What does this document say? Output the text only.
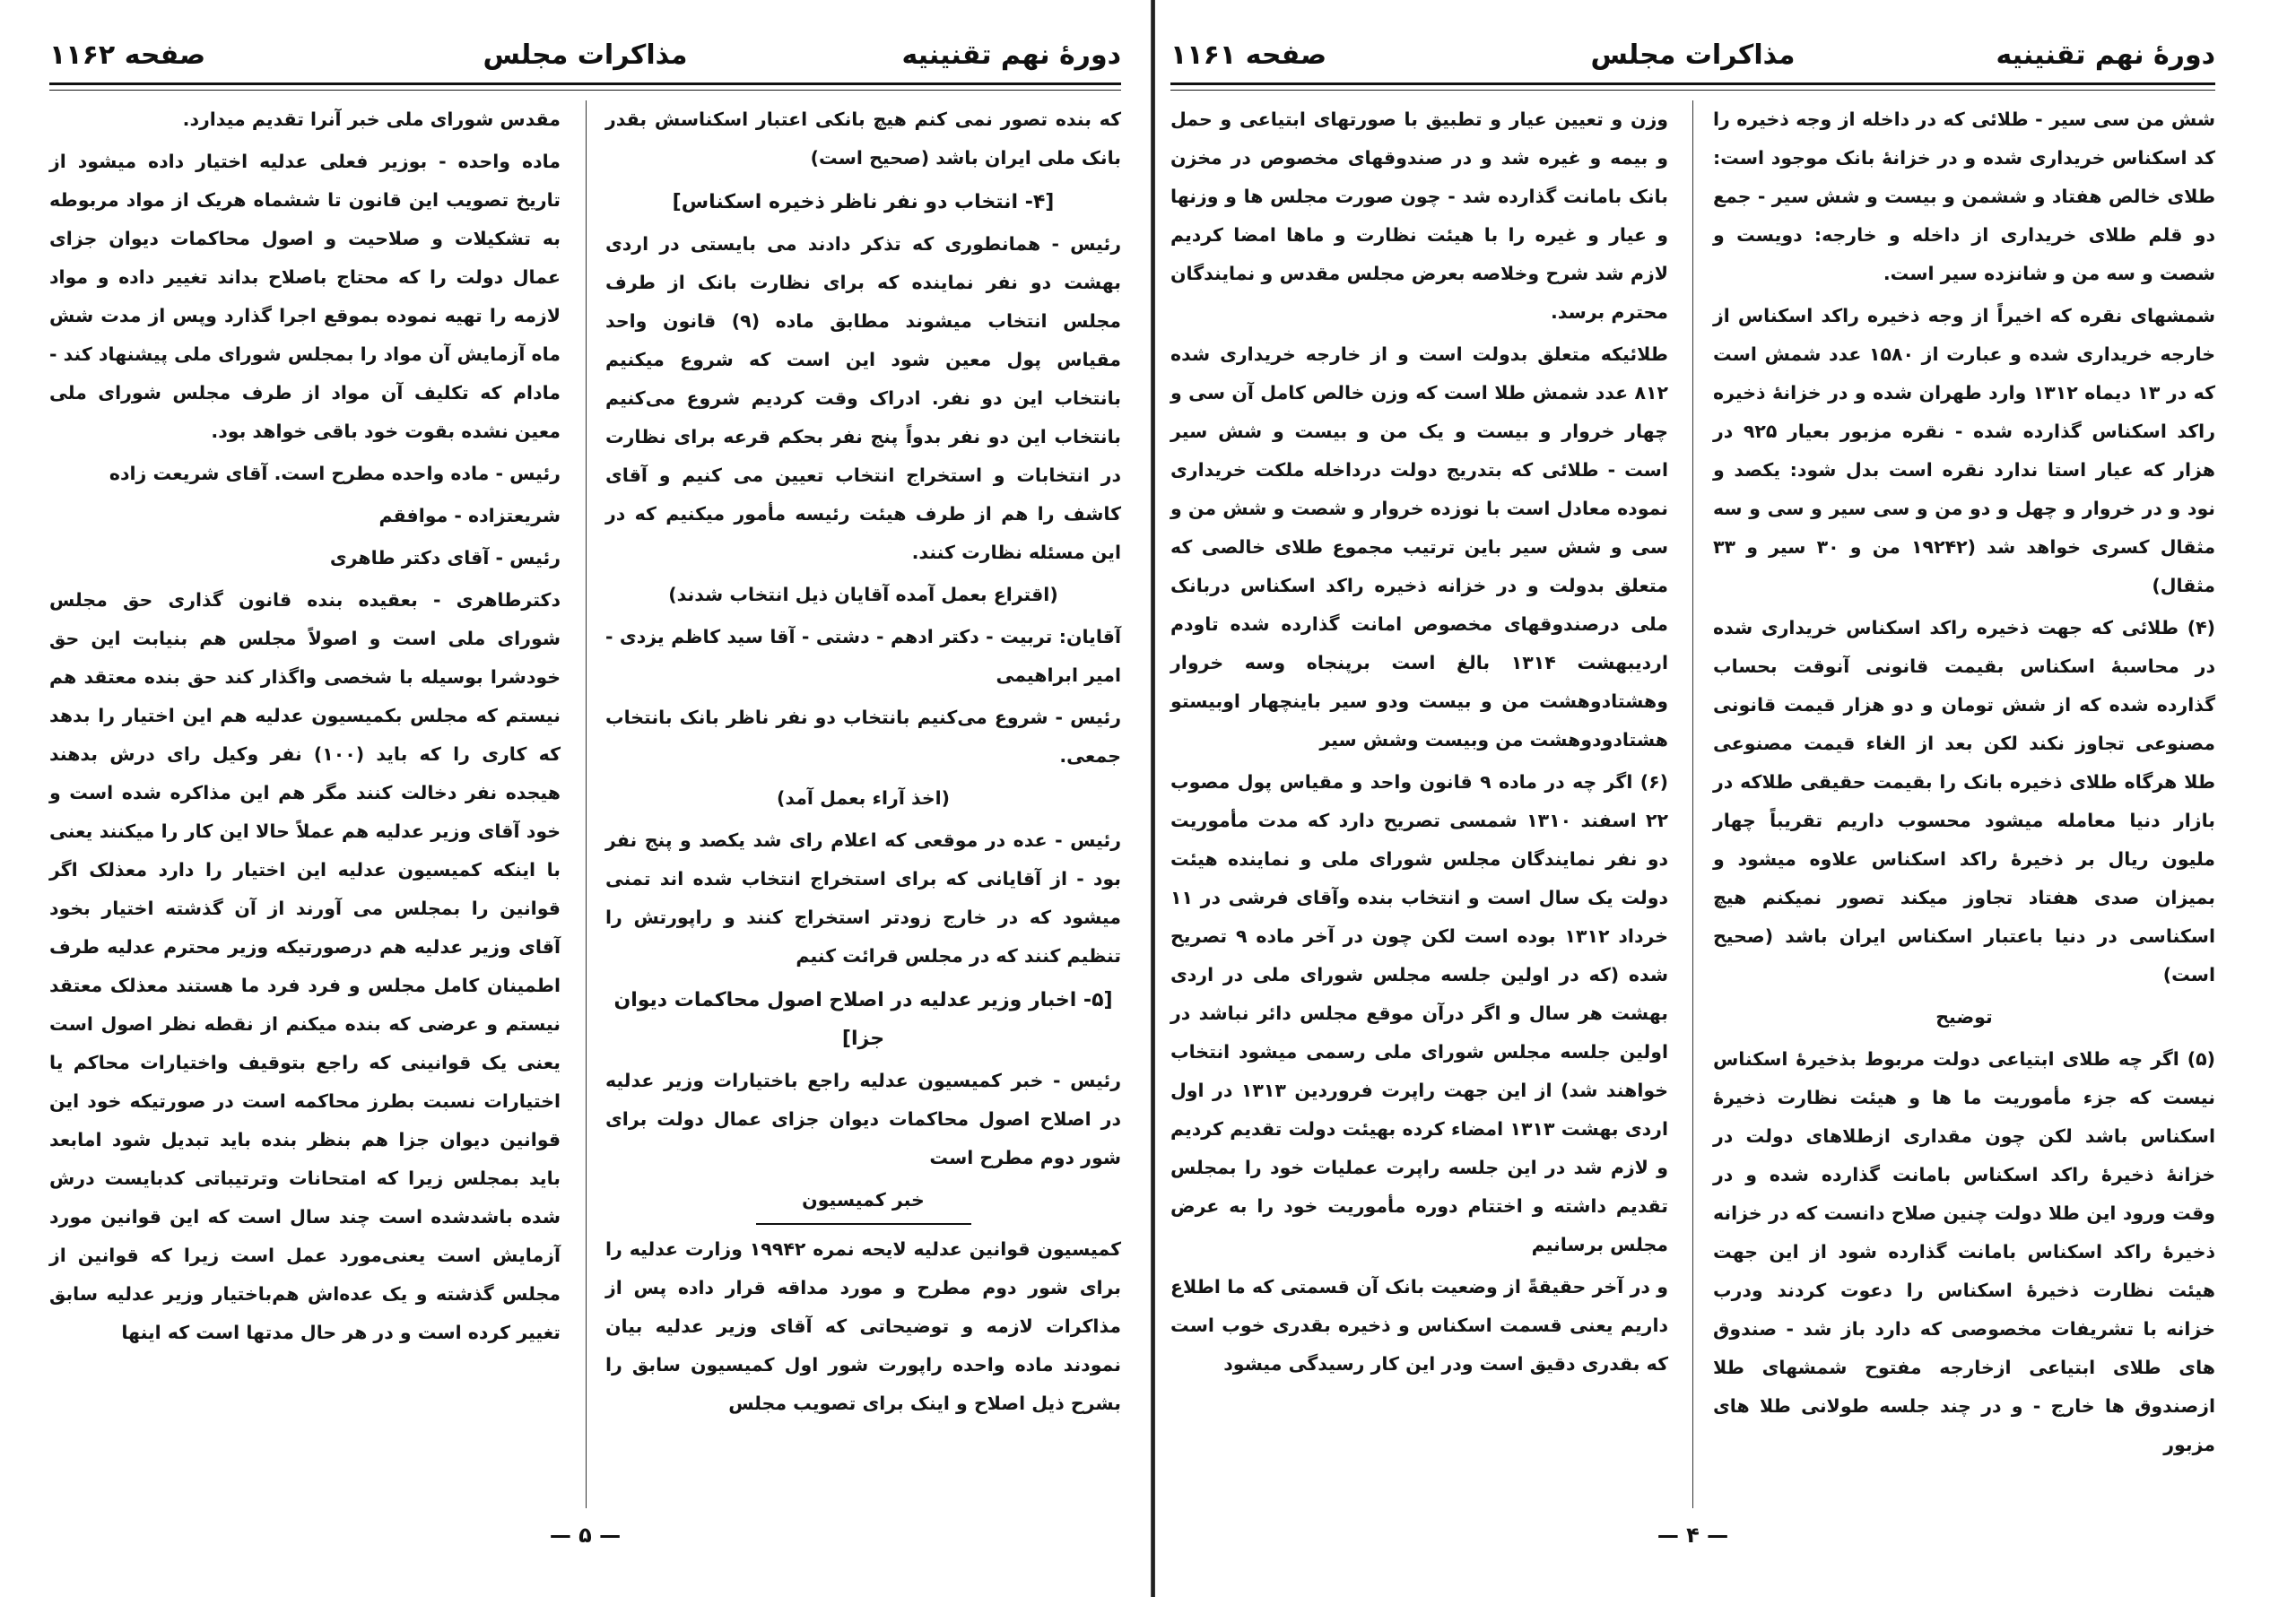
دورهٔ نهم تقنینیه
مذاکرات مجلس
صفحه ۱۱۶۲

که بنده تصور نمی کنم هیچ بانکی اعتبار اسکناسش بقدر بانک ملی ایران باشد (صحیح است)

[۴- انتخاب دو نفر ناظر ذخیره اسکناس]

رئیس - همانطوری که تذکر دادند می بایستی در اردی بهشت دو نفر نماینده که برای نظارت بانک از طرف مجلس انتخاب میشوند مطابق ماده (۹) قانون واحد مقیاس پول معین شود این است که شروع میکنیم بانتخاب این دو نفر. ادراک وقت کردیم شروع می‌کنیم بانتخاب این دو نفر بدواً پنج نفر بحکم قرعه برای نظارت در انتخابات و استخراج انتخاب تعیین می کنیم و آقای کاشف را هم از طرف هیئت رئیسه مأمور میکنیم که در این مسئله نظارت کنند.

(اقتراع بعمل آمده آقایان ذیل انتخاب شدند)

آقایان: تربیت - دکتر ادهم - دشتی - آقا سید کاظم یزدی - امیر ابراهیمی

رئیس - شروع می‌کنیم بانتخاب دو نفر ناظر بانک بانتخاب جمعی.

(اخذ آراء بعمل آمد)

رئیس - عده در موقعی که اعلام رای شد یکصد و پنج نفر بود - از آقایانی که برای استخراج انتخاب شده اند تمنی میشود که در خارج زودتر استخراج کنند و راپورتش را تنظیم کنند که در مجلس قرائت کنیم

[۵- اخبار وزیر عدلیه در اصلاح اصول محاکمات دیوان جزا]

رئیس - خبر کمیسیون عدلیه راجع باختیارات وزیر عدلیه در اصلاح اصول محاکمات دیوان جزای عمال دولت برای شور دوم مطرح است

خبر کمیسیون

کمیسیون قوانین عدلیه لایحه نمره ۱۹۹۴۲ وزارت عدلیه را برای شور دوم مطرح و مورد مداقه قرار داده پس از مذاکرات لازمه و توضیحاتی که آقای وزیر عدلیه بیان نمودند ماده واحده راپورت شور اول کمیسیون سابق را بشرح ذیل اصلاح و اینک برای تصویب مجلس

مقدس شورای ملی خبر آنرا تقدیم میدارد.

ماده واحده - بوزیر فعلی عدلیه اختیار داده میشود از تاریخ تصویب این قانون تا ششماه هریک از مواد مربوطه به تشکیلات و صلاحیت و اصول محاکمات دیوان جزای عمال دولت را که محتاج باصلاح بداند تغییر داده و مواد لازمه را تهیه نموده بموقع اجرا گذارد وپس از مدت شش ماه آزمایش آن مواد را بمجلس شورای ملی پیشنهاد کند - مادام که تکلیف آن مواد از طرف مجلس شورای ملی معین نشده بقوت خود باقی خواهد بود.

رئیس - ماده واحده مطرح است. آقای شریعت زاده

شریعتزاده - موافقم

رئیس - آقای دکتر طاهری

دکترطاهری - بعقیده بنده قانون گذاری حق مجلس شورای ملی است و اصولاً مجلس هم بنیابت این حق خودشرا بوسیله با شخصی واگذار کند حق بنده معتقد هم نیستم که مجلس بکمیسیون عدلیه هم این اختیار را بدهد که کاری را که باید (۱۰۰) نفر وکیل رای درش بدهند هیجده نفر دخالت کنند مگر هم این مذاکره شده است و خود آقای وزیر عدلیه هم عملاً حالا این کار را میکنند یعنی با اینکه کمیسیون عدلیه این اختیار را دارد معذلک اگر قوانین را بمجلس می آورند از آن گذشته اختیار بخود آقای وزیر عدلیه هم درصورتیکه وزیر محترم عدلیه طرف اطمینان کامل مجلس و فرد فرد ما هستند معذلک معتقد نیستم و عرضی که بنده میکنم از نقطه نظر اصول است یعنی یک قوانینی که راجع بتوقیف واختیارات محاکم یا اختیارات نسبت بطرز محاکمه است در صورتیکه خود این قوانین دیوان جزا هم بنظر بنده باید تبدیل شود امابعد باید بمجلس زیرا که امتحانات وترتیباتی کدبایست درش شده باشدشده است چند سال است که این قوانین مورد آزمایش است یعنی‌مورد عمل است زیرا که قوانین از مجلس گذشته و یک عده‌اش هم‌باختیار وزیر عدلیه سابق تغییر کرده است و در هر حال مدتها است که اینها

— ۵ —
دورهٔ نهم تقنینیه
مذاکرات مجلس
صفحه ۱۱۶۱

شش من سی سیر - طلائی که در داخله از وجه ذخیره را کد اسکناس خریداری شده و در خزانهٔ بانک موجود است: طلای خالص هفتاد و ششمن و بیست و شش سیر - جمع دو قلم طلای خریداری از داخله و خارجه: دویست و شصت و سه من و شانزده سیر است.

شمشهای نقره که اخیراً از وجه ذخیره راکد اسکناس از خارجه خریداری شده و عبارت از ۱۵۸۰ عدد شمش است که در ۱۳ دیماه ۱۳۱۲ وارد طهران شده و در خزانهٔ ذخیره راکد اسکناس گذارده شده - نقره مزبور بعیار ۹۲۵ در هزار که عیار استا ندارد نقره است بدل شود: یکصد و نود و در خروار و چهل و دو من و سی سیر و سی و سه مثقال کسری خواهد شد (۱۹۲۴۲ من و ۳۰ سیر و ۳۳ مثقال)

(۴) طلائی که جهت ذخیره راکد اسکناس خریداری شده در محاسبهٔ اسکناس بقیمت قانونی آنوقت بحساب گذارده شده که از شش تومان و دو هزار قیمت قانونی مصنوعی تجاوز نکند لکن بعد از الغاء قیمت مصنوعی طلا هرگاه طلای ذخیره بانک را بقیمت حقیقی طلاکه در بازار دنیا معامله میشود محسوب داریم تقریباً چهار ملیون ریال بر ذخیرهٔ راکد اسکناس علاوه میشود و بمیزان صدی هفتاد تجاوز میکند تصور نمیکنم هیچ اسکناسی در دنیا باعتبار اسکناس ایران باشد (صحیح است)

توضیح

(۵) اگر چه طلای ابتیاعی دولت مربوط بذخیرهٔ اسکناس نیست که جزء مأموریت ما ها و هیئت نظارت ذخیرهٔ اسکناس باشد لکن چون مقداری ازطلاهای دولت در خزانهٔ ذخیرهٔ راکد اسکناس بامانت گذارده شده و در وقت ورود این طلا دولت چنین صلاح دانست که در خزانه ذخیرهٔ راکد اسکناس بامانت گذارده شود از این جهت هیئت نظارت ذخیرهٔ اسکناس را دعوت کردند ودرب خزانه با تشریفات مخصوصی که دارد باز شد - صندوق های طلای ابتیاعی ازخارجه مفتوح شمشهای طلا ازصندوق ها خارج - و در چند جلسه طولانی طلا های مزبور

وزن و تعیین عیار و تطبیق با صورتهای ابتیاعی و حمل و بیمه و غیره شد و در صندوقهای مخصوص در مخزن بانک بامانت گذارده شد - چون صورت مجلس ها و وزنها و عیار و غیره را با هیئت نظارت و ماها امضا کردیم لازم شد شرح وخلاصه بعرض مجلس مقدس و نمایندگان محترم برسد.

طلائیکه متعلق بدولت است و از خارجه خریداری شده ۸۱۲ عدد شمش طلا است که وزن خالص کامل آن سی و چهار خروار و بیست و یک من و بیست و شش سیر است - طلائی که بتدریج دولت درداخله ملکت خریداری نموده معادل است با نوزده خروار و شصت و شش من و سی و شش سیر باین ترتیب مجموع طلای خالصی که متعلق بدولت و در خزانه ذخیره راکد اسکناس دربانک ملی درصندوقهای مخصوص امانت گذارده شده تاودم اردیبهشت ۱۳۱۴ بالغ است برپنجاه وسه خروار وهشتادوهشت من و بیست ودو سیر باینچهار اوبیستو هشتادودوهشت من وبیست وشش سیر

(۶) اگر چه در ماده ۹ قانون واحد و مقیاس پول مصوب ۲۲ اسفند ۱۳۱۰ شمسی تصریح دارد که مدت مأموریت دو نفر نمایندگان مجلس شورای ملی و نماینده هیئت دولت یک سال است و انتخاب بنده وآقای فرشی در ۱۱ خرداد ۱۳۱۲ بوده است لکن چون در آخر ماده ۹ تصریح شده (که در اولین جلسه مجلس شورای ملی در اردی بهشت هر سال و اگر درآن موقع مجلس دائر نباشد در اولین جلسه مجلس شورای ملی رسمی میشود انتخاب خواهند شد) از این جهت راپرت فروردین ۱۳۱۳ در اول اردی بهشت ۱۳۱۳ امضاء کرده بهیئت دولت تقدیم کردیم و لازم شد در این جلسه راپرت عملیات خود را بمجلس تقدیم داشته و اختتام دوره مأموریت خود را به عرض مجلس برسانیم

و در آخر حقیقةً از وضعیت بانک آن قسمتی که ما اطلاع داریم یعنی قسمت اسکناس و ذخیره بقدری خوب است که بقدری دقیق است ودر این کار رسیدگی میشود

— ۴ —
